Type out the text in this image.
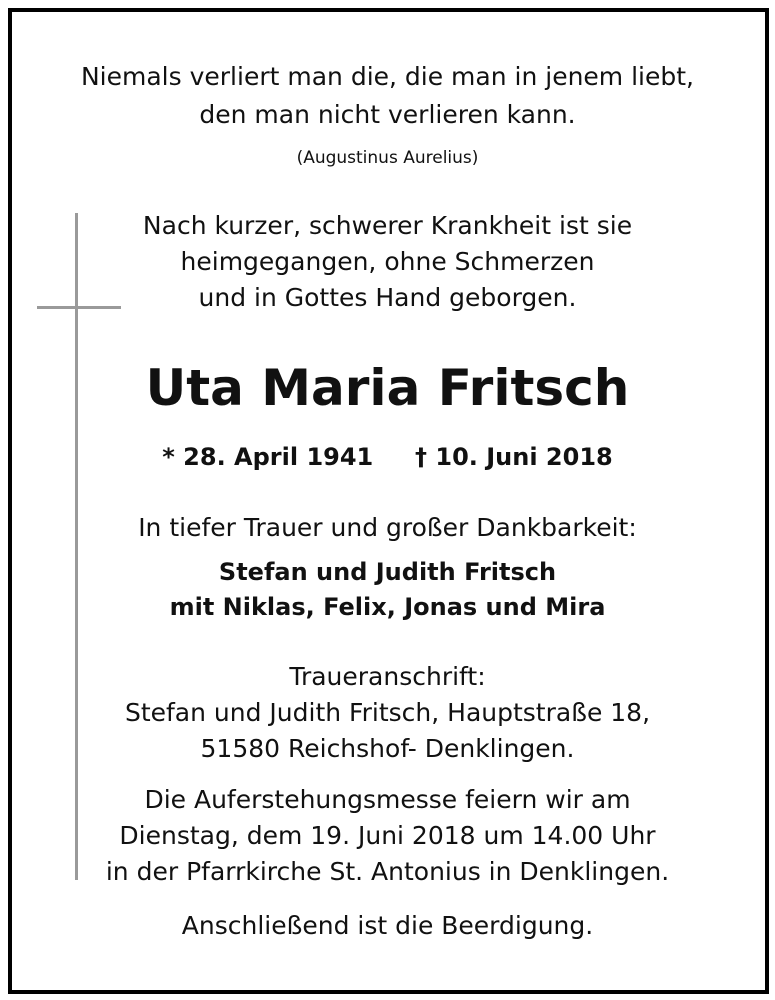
Niemals verliert man die, die man in jenem liebt,
den man nicht verlieren kann.
(Augustinus Aurelius)
Nach kurzer, schwerer Krankheit ist sie
heimgegangen, ohne Schmerzen
und in Gottes Hand geborgen.
Uta Maria Fritsch
* 28. April 1941     † 10. Juni 2018
In tiefer Trauer und großer Dankbarkeit:
Stefan und Judith Fritsch
mit Niklas, Felix, Jonas und Mira
Traueranschrift:
Stefan und Judith Fritsch, Hauptstraße 18,
51580 Reichshof- Denklingen.
Die Auferstehungsmesse feiern wir am
Dienstag, dem 19. Juni 2018 um 14.00 Uhr
in der Pfarrkirche St. Antonius in Denklingen.
Anschließend ist die Beerdigung.
